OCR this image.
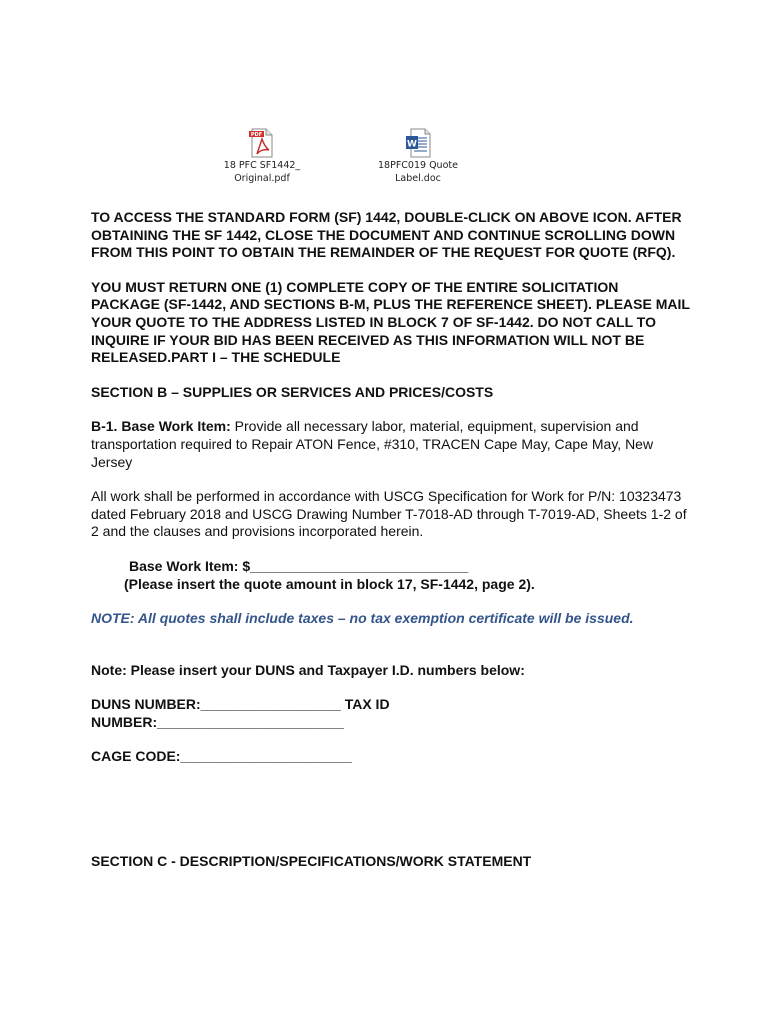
PDF
18 PFC SF1442_
Original.pdf
W
18PFC019 Quote
Label.doc

TO ACCESS THE STANDARD FORM (SF) 1442, DOUBLE-CLICK ON ABOVE ICON. AFTER OBTAINING THE SF 1442, CLOSE THE DOCUMENT AND CONTINUE SCROLLING DOWN FROM THIS POINT TO OBTAIN THE REMAINDER OF THE REQUEST FOR QUOTE (RFQ).

YOU MUST RETURN ONE (1) COMPLETE COPY OF THE ENTIRE SOLICITATION PACKAGE (SF-1442, AND SECTIONS B-M, PLUS THE REFERENCE SHEET). PLEASE MAIL YOUR QUOTE TO THE ADDRESS LISTED IN BLOCK 7 OF SF-1442. DO NOT CALL TO INQUIRE IF YOUR BID HAS BEEN RECEIVED AS THIS INFORMATION WILL NOT BE RELEASED.PART I – THE SCHEDULE

SECTION B – SUPPLIES OR SERVICES AND PRICES/COSTS

B-1. Base Work Item: Provide all necessary labor, material, equipment, supervision and transportation required to Repair ATON Fence, #310, TRACEN Cape May, Cape May, New Jersey

All work shall be performed in accordance with USCG Specification for Work for P/N: 10323473 dated February 2018 and USCG Drawing Number T-7018-AD through T-7019-AD, Sheets 1-2 of 2 and the clauses and provisions incorporated herein.

Base Work Item: $____________________________
(Please insert the quote amount in block 17, SF-1442, page 2).

NOTE: All quotes shall include taxes – no tax exemption certificate will be issued.

Note: Please insert your DUNS and Taxpayer I.D. numbers below:

DUNS NUMBER:__________________ TAX ID
NUMBER:________________________

CAGE CODE:______________________

SECTION C - DESCRIPTION/SPECIFICATIONS/WORK STATEMENT
